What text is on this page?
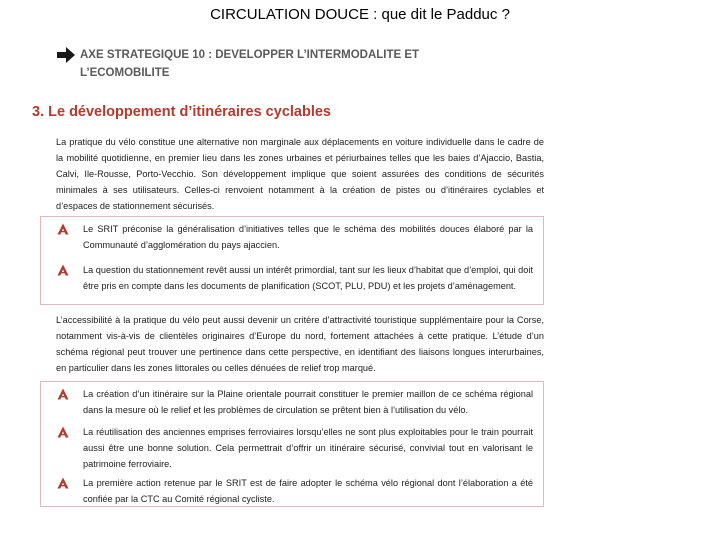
CIRCULATION DOUCE : que dit le Padduc ?
AXE STRATEGIQUE 10 : DEVELOPPER L’INTERMODALITE ET
L’ECOMOBILITE
3. Le développement d’itinéraires cyclables
La pratique du vélo constitue une alternative non marginale aux déplacements en voiture individuelle dans le cadre de la mobilité quotidienne, en premier lieu dans les zones urbaines et périurbaines telles que les baies d’Ajaccio, Bastia, Calvi, Ile-Rousse, Porto-Vecchio. Son développement implique que soient assurées des conditions de sécurités minimales à ses utilisateurs. Celles-ci renvoient notamment à la création de pistes ou d’itinéraires cyclables et d’espaces de stationnement sécurisés.
Le SRIT préconise la généralisation d’initiatives telles que le schéma des mobilités douces élaboré par la Communauté d’agglomération du pays ajaccien.
La question du stationnement revêt aussi un intérêt primordial, tant sur les lieux d’habitat que d’emploi, qui doit être pris en compte dans les documents de planification (SCOT, PLU, PDU) et les projets d’aménagement.
L’accessibilité à la pratique du vélo peut aussi devenir un critère d’attractivité touristique supplémentaire pour la Corse, notamment vis-à-vis de clientèles originaires d’Europe du nord, fortement attachées à cette pratique. L’étude d’un schéma régional peut trouver une pertinence dans cette perspective, en identifiant des liaisons longues interurbaines, en particulier dans les zones littorales ou celles dénuées de relief trop marqué.
La création d’un itinéraire sur la Plaine orientale pourrait constituer le premier maillon de ce schéma régional dans la mesure où le relief et les problèmes de circulation se prêtent bien à l’utilisation du vélo.
La réutilisation des anciennes emprises ferroviaires lorsqu’elles ne sont plus exploitables pour le train pourrait aussi être une bonne solution. Cela permettrait d’offrir un itinéraire sécurisé, convivial tout en valorisant le patrimoine ferroviaire.
La première action retenue par le SRIT est de faire adopter le schéma vélo régional dont l’élaboration a été confiée par la CTC au Comité régional cycliste.
